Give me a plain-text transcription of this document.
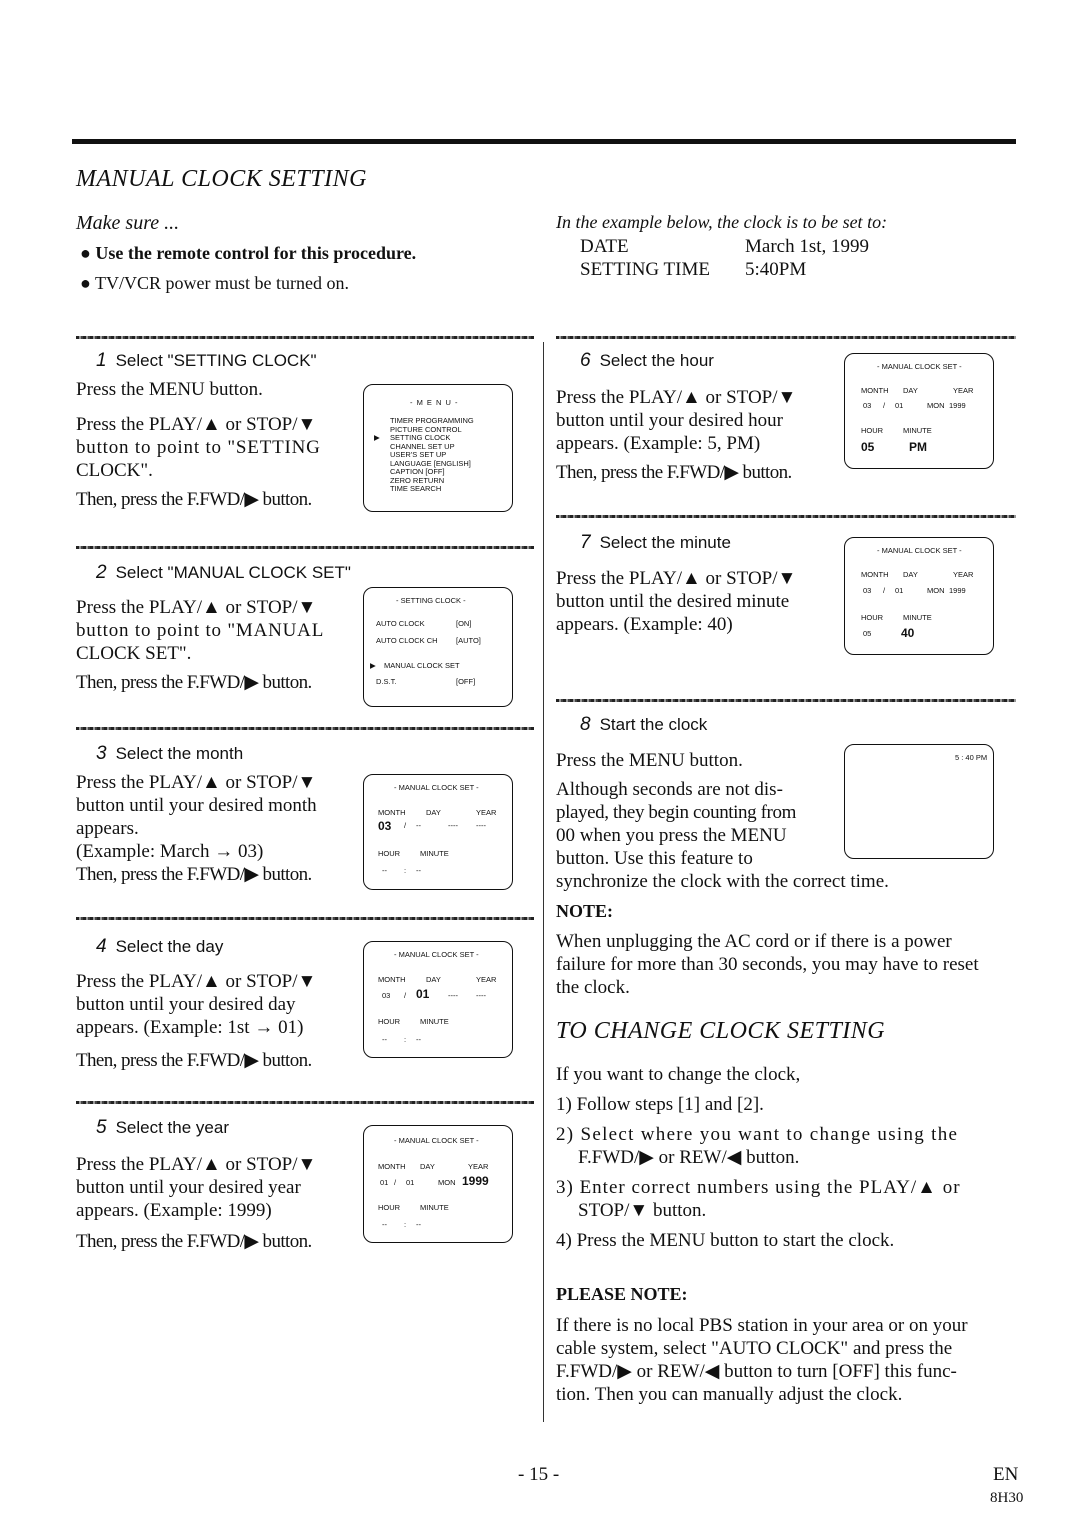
MANUAL CLOCK SETTING
Make sure ...
● Use the remote control for this procedure.
● TV/VCR power must be turned on.
In the example below, the clock is to be set to:
DATE	March 1st, 1999
SETTING TIME 5:40PM
1 Select "SETTING CLOCK"
Press the MENU button.
Press the PLAY/▲ or STOP/▼
button to point to "SETTING
CLOCK".
Then, press the F.FWD/▶ button.
- M E N U -
TIMER PROGRAMMING
PICTURE CONTROL
SETTING CLOCK
CHANNEL SET UP
USER'S SET UP
LANGUAGE [ENGLISH]
CAPTION [OFF]
ZERO RETURN
TIME SEARCH
▶
2 Select "MANUAL CLOCK SET"
Press the PLAY/▲ or STOP/▼
button to point to "MANUAL
CLOCK SET".
Then, press the F.FWD/▶ button.
- SETTING CLOCK -
AUTO CLOCK	[ON]
AUTO CLOCK CH [AUTO]
▶ MANUAL CLOCK SET
D.S.T.	[OFF]
3 Select the month
Press the PLAY/▲ or STOP/▼
button until your desired month
appears.
(Example: March → 03)
Then, press the F.FWD/▶ button.
- MANUAL CLOCK SET -
MONTH	DAY	YEAR
03 / --	---- ----
HOUR	MINUTE
-- : --
4 Select the day
Press the PLAY/▲ or STOP/▼
button until your desired day
appears. (Example: 1st → 01)
Then, press the F.FWD/▶ button.
- MANUAL CLOCK SET -
MONTH	DAY	YEAR
03 / 01 ---- ----
HOUR	MINUTE
-- : --
5 Select the year
Press the PLAY/▲ or STOP/▼
button until your desired year
appears. (Example: 1999)
Then, press the F.FWD/▶ button.
- MANUAL CLOCK SET -
MONTH DAY	YEAR
01 / 01	MON 1999
HOUR	MINUTE
-- : --
6 Select the hour
Press the PLAY/▲ or STOP/▼
button until your desired hour
appears. (Example: 5, PM)
Then, press the F.FWD/▶ button.
- MANUAL CLOCK SET -
MONTH DAY	YEAR
03 / 01	MON 1999
HOUR	MINUTE
05	PM
7 Select the minute
Press the PLAY/▲ or STOP/▼
button until the desired minute
appears. (Example: 40)
- MANUAL CLOCK SET -
MONTH DAY	YEAR
03 / 01	MON 1999
HOUR	MINUTE
05 40
8 Start the clock
Press the MENU button.
Although seconds are not dis-
played, they begin counting from
00 when you press the MENU
button. Use this feature to
synchronize the clock with the correct time.
5 : 40 PM
NOTE:
When unplugging the AC cord or if there is a power
failure for more than 30 seconds, you may have to reset
the clock.
TO CHANGE CLOCK SETTING
If you want to change the clock,
1) Follow steps [1] and [2].
2) Select where you want to change using the
F.FWD/▶ or REW/◀ button.
3) Enter correct numbers using the PLAY/▲ or
STOP/▼ button.
4) Press the MENU button to start the clock.
PLEASE NOTE:
If there is no local PBS station in your area or on your
cable system, select "AUTO CLOCK" and press the
F.FWD/▶ or REW/◀ button to turn [OFF] this func-
tion. Then you can manually adjust the clock.
- 15 -	EN
8H30
